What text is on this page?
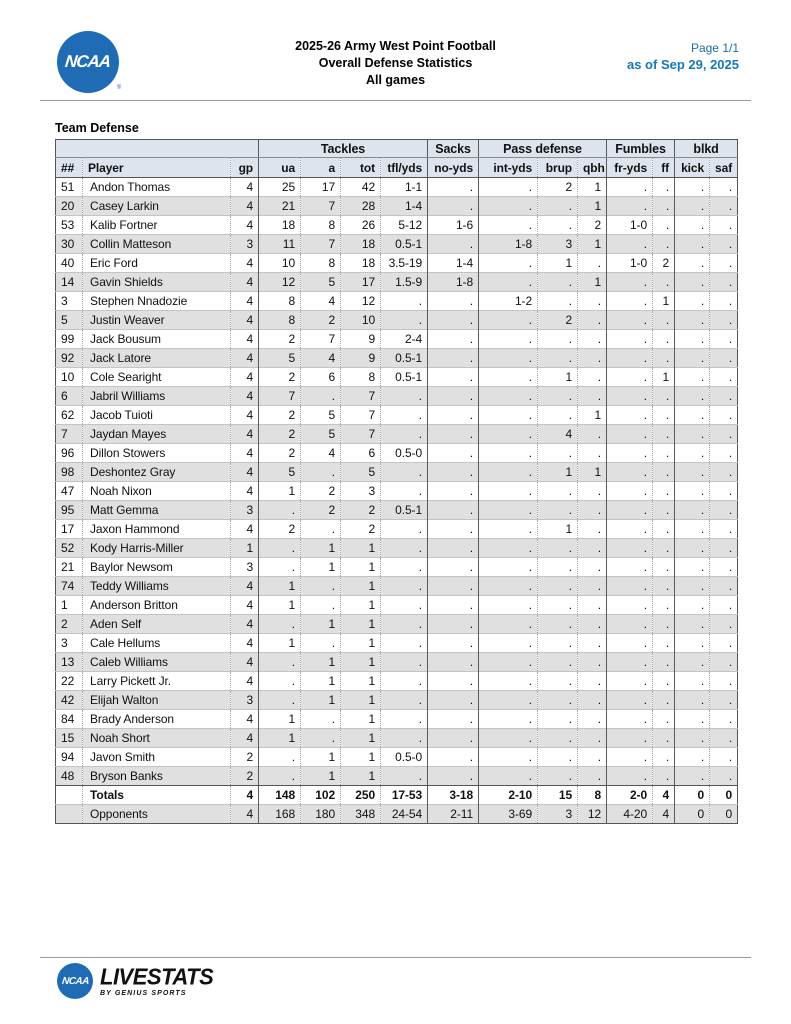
NCAA
®
2025-26 Army West Point Football
Overall Defense Statistics
All games
Page 1/1
as of Sep 29, 2025
Team Defense
			Tackles				Sacks	Pass defense			Fumbles		blkd	
##	Player	gp	ua	a	tot	tfl/yds	no-yds	int-yds	brup	qbh	fr-yds	ff	kick	saf
51	Andon Thomas	4	25	17	42	1-1	.	.	2	1	.	.	.	.
20	Casey Larkin	4	21	7	28	1-4	.	.	.	1	.	.	.	.
53	Kalib Fortner	4	18	8	26	5-12	1-6	.	.	2	1-0	.	.	.
30	Collin Matteson	3	11	7	18	0.5-1	.	1-8	3	1	.	.	.	.
40	Eric Ford	4	10	8	18	3.5-19	1-4	.	1	.	1-0	2	.	.
14	Gavin Shields	4	12	5	17	1.5-9	1-8	.	.	1	.	.	.	.
3	Stephen Nnadozie	4	8	4	12	.	.	1-2	.	.	.	1	.	.
5	Justin Weaver	4	8	2	10	.	.	.	2	.	.	.	.	.
99	Jack Bousum	4	2	7	9	2-4	.	.	.	.	.	.	.	.
92	Jack Latore	4	5	4	9	0.5-1	.	.	.	.	.	.	.	.
10	Cole Searight	4	2	6	8	0.5-1	.	.	1	.	.	1	.	.
6	Jabril Williams	4	7	.	7	.	.	.	.	.	.	.	.	.
62	Jacob Tuioti	4	2	5	7	.	.	.	.	1	.	.	.	.
7	Jaydan Mayes	4	2	5	7	.	.	.	4	.	.	.	.	.
96	Dillon Stowers	4	2	4	6	0.5-0	.	.	.	.	.	.	.	.
98	Deshontez Gray	4	5	.	5	.	.	.	1	1	.	.	.	.
47	Noah Nixon	4	1	2	3	.	.	.	.	.	.	.	.	.
95	Matt Gemma	3	.	2	2	0.5-1	.	.	.	.	.	.	.	.
17	Jaxon Hammond	4	2	.	2	.	.	.	1	.	.	.	.	.
52	Kody Harris-Miller	1	.	1	1	.	.	.	.	.	.	.	.	.
21	Baylor Newsom	3	.	1	1	.	.	.	.	.	.	.	.	.
74	Teddy Williams	4	1	.	1	.	.	.	.	.	.	.	.	.
1	Anderson Britton	4	1	.	1	.	.	.	.	.	.	.	.	.
2	Aden Self	4	.	1	1	.	.	.	.	.	.	.	.	.
3	Cale Hellums	4	1	.	1	.	.	.	.	.	.	.	.	.
13	Caleb Williams	4	.	1	1	.	.	.	.	.	.	.	.	.
22	Larry Pickett Jr.	4	.	1	1	.	.	.	.	.	.	.	.	.
42	Elijah Walton	3	.	1	1	.	.	.	.	.	.	.	.	.
84	Brady Anderson	4	1	.	1	.	.	.	.	.	.	.	.	.
15	Noah Short	4	1	.	1	.	.	.	.	.	.	.	.	.
94	Javon Smith	2	.	1	1	0.5-0	.	.	.	.	.	.	.	.
48	Bryson Banks	2	.	1	1	.	.	.	.	.	.	.	.	.
	Totals	4	148	102	250	17-53	3-18	2-10	15	8	2-0	4	0	0
	Opponents	4	168	180	348	24-54	2-11	3-69	3	12	4-20	4	0	0
NCAA LIVESTATS
BY GENIUS SPORTS
